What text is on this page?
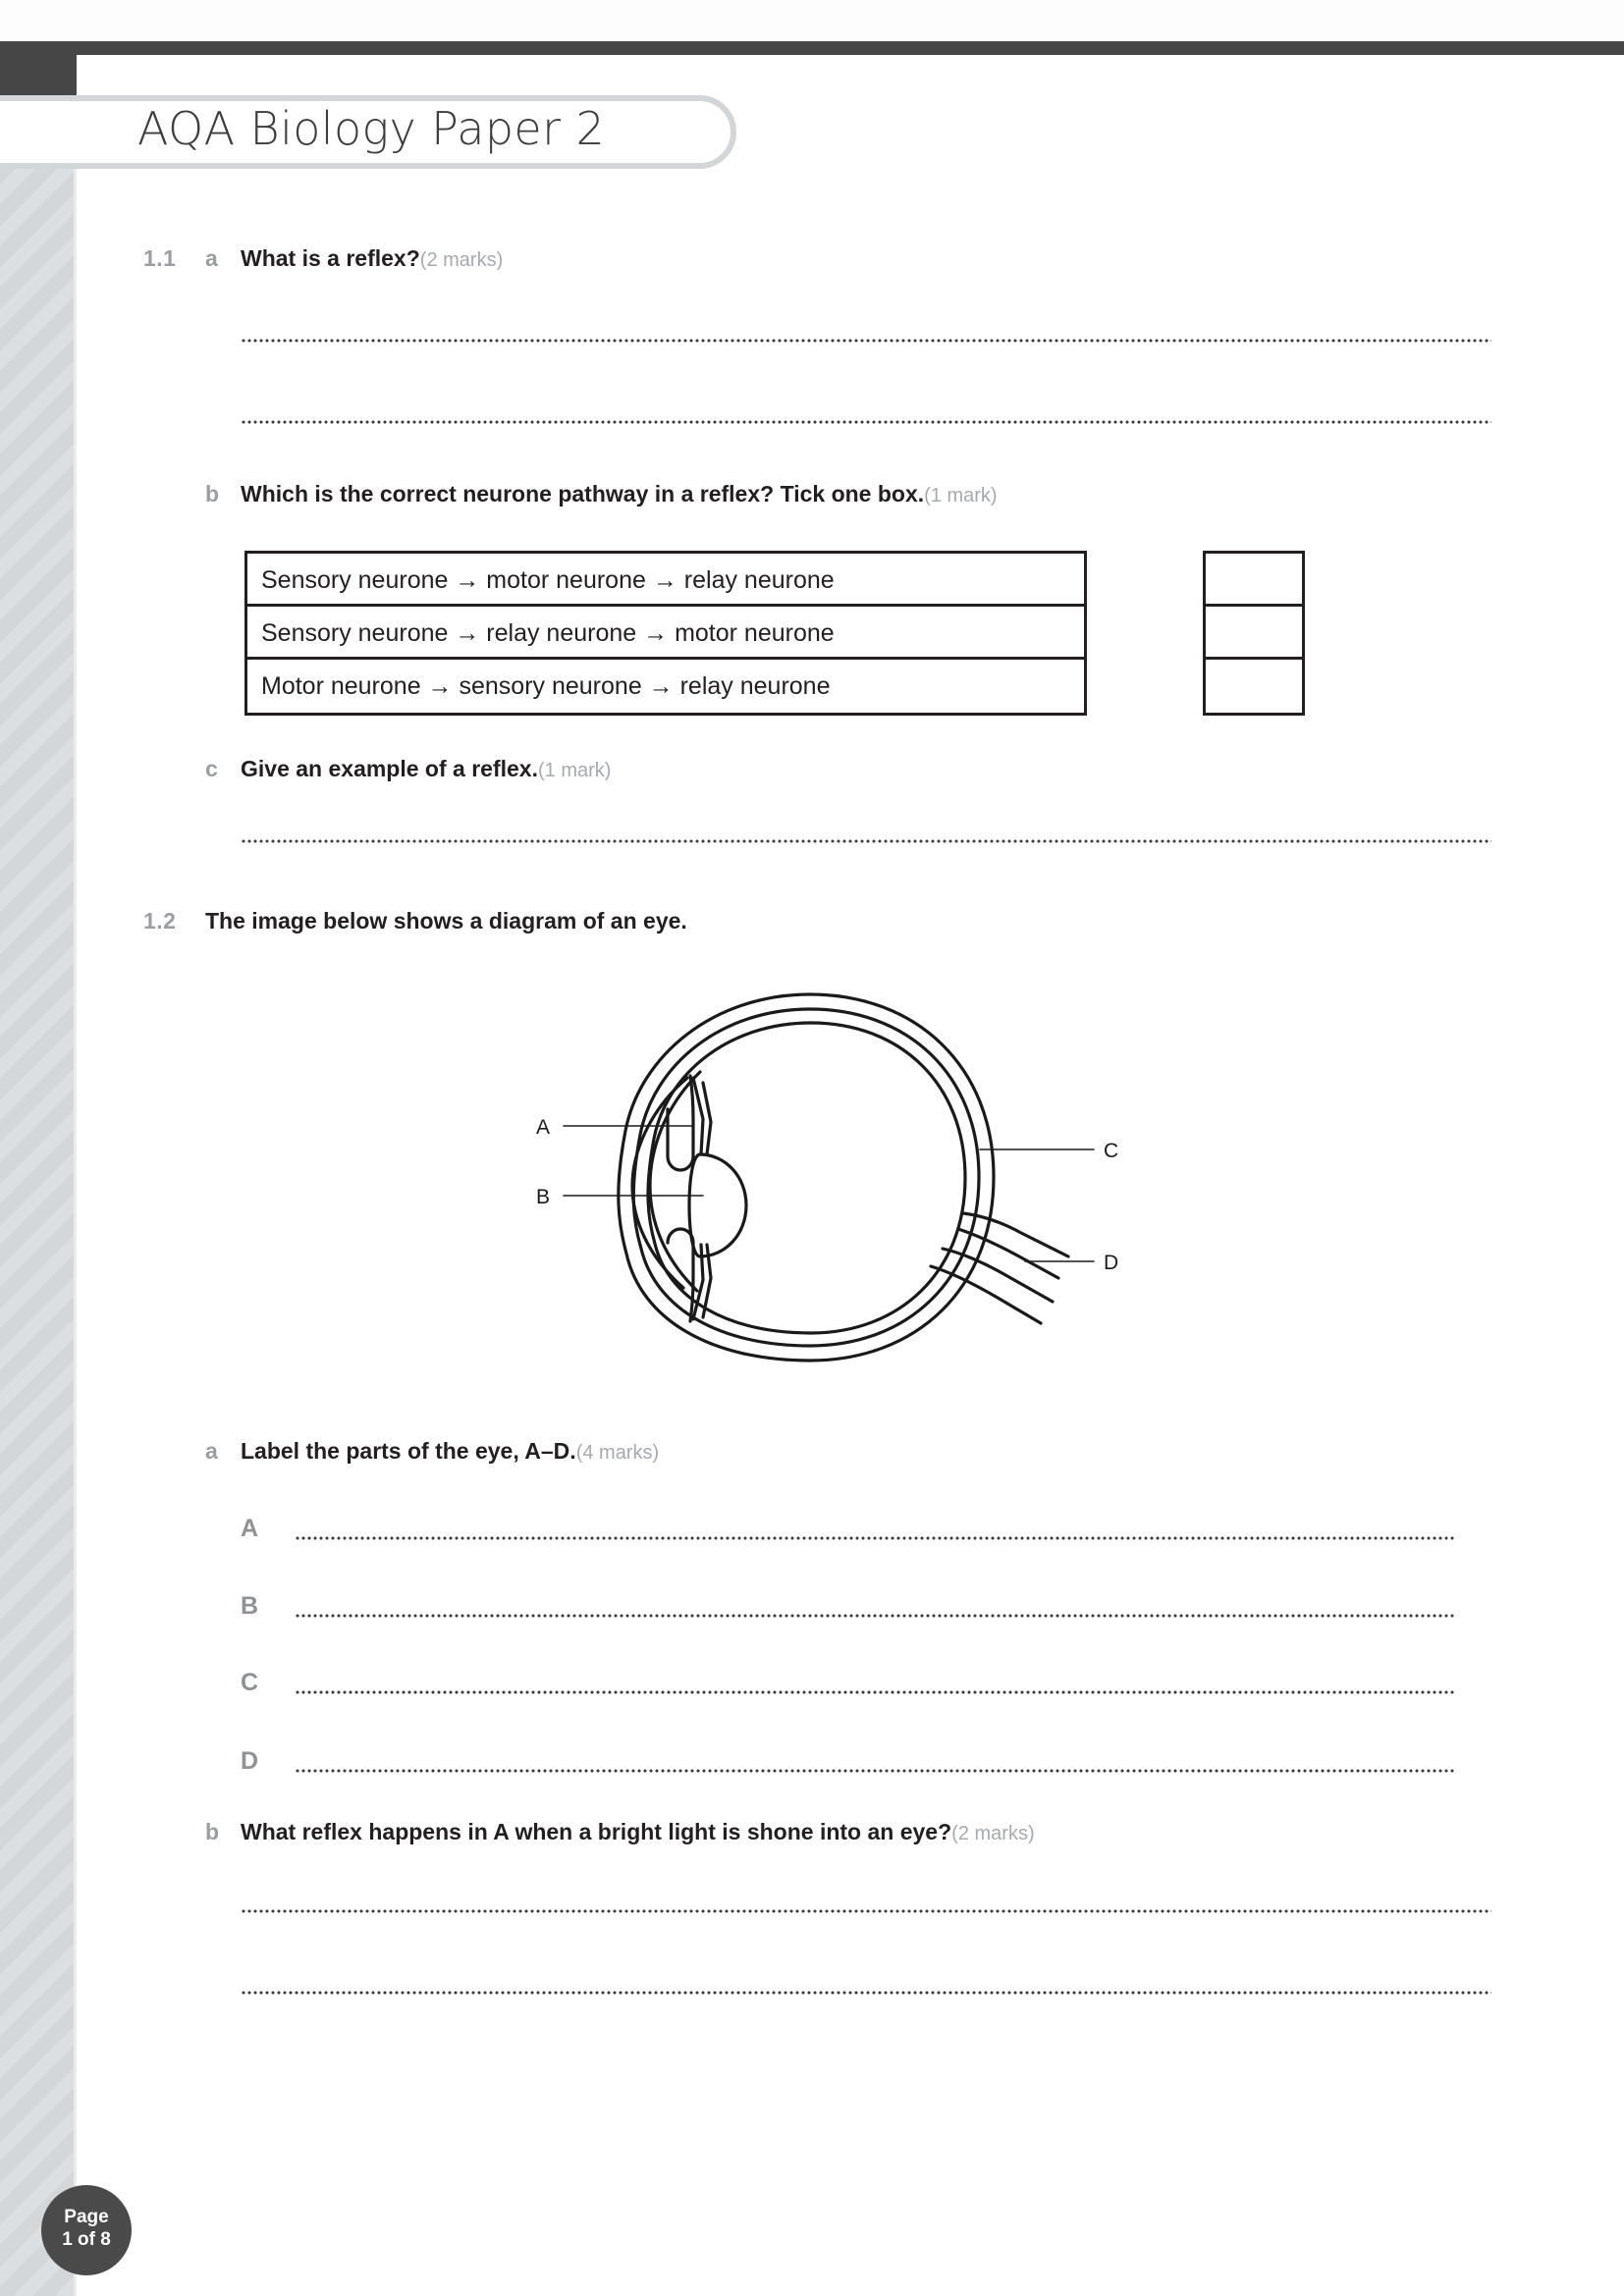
AQA Biology Paper 2
1.1 a What is a reflex?(2 marks)
b Which is the correct neurone pathway in a reflex? Tick one box.(1 mark)
Sensory neurone → motor neurone → relay neurone
Sensory neurone → relay neurone → motor neurone
Motor neurone → sensory neurone → relay neurone
c Give an example of a reflex.(1 mark)
1.2 The image below shows a diagram of an eye.
A
B
C
D
a Label the parts of the eye, A–D.(4 marks)
A
B
C
D
b What reflex happens in A when a bright light is shone into an eye?(2 marks)
Page
1 of 8
